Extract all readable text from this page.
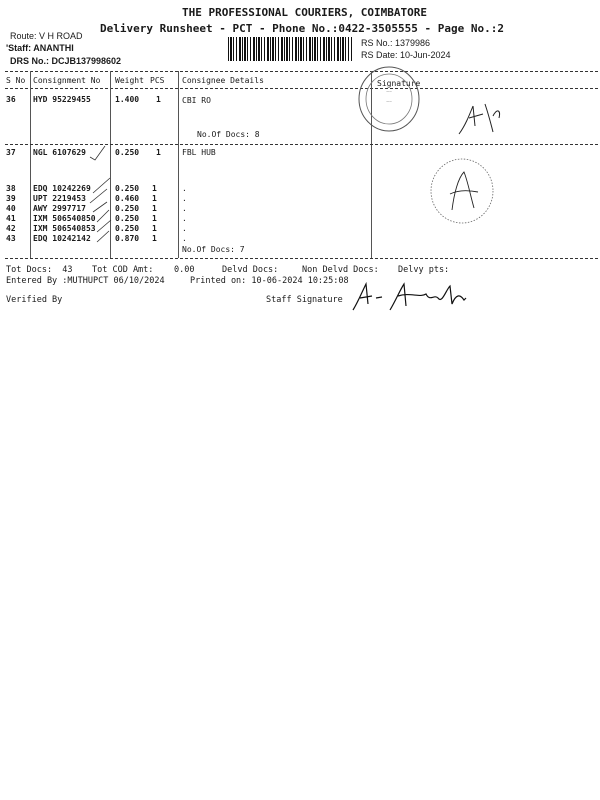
THE PROFESSIONAL COURIERS, COIMBATORE
Delivery Runsheet - PCT - Phone No.:0422-3505555 - Page No.:2
Route: V H ROAD
'Staff: ANANTHI
DRS No.: DCJB137998602
RS No.: 1379986
RS Date: 10-Jun-2024
S No Consignment No Weight PCS Consignee Details	Signature
36 HYD 95229455	1.400 1	CBI RO
No.Of Docs: 8
37 NGL 6107629	0.250 1	FBL HUB
38 EDQ 10242269	0.250 1	.
39 UPT 2219453	0.460 1	.
40 AWY 2997717	0.250 1	.
41 IXM 506540850 0.250 1	.
42 IXM 506540853 0.250 1	.
43 EDQ 10242142	0.870 1	.
No.Of Docs: 7
···
···
Tot Docs:  43 Tot COD Amt: 0.00	Delvd Docs:	Non Delvd Docs: Delvy pts:
Entered By :MUTHUPCT 06/10/2024	Printed on: 10-06-2024 10:25:08
Verified By	Staff Signature
